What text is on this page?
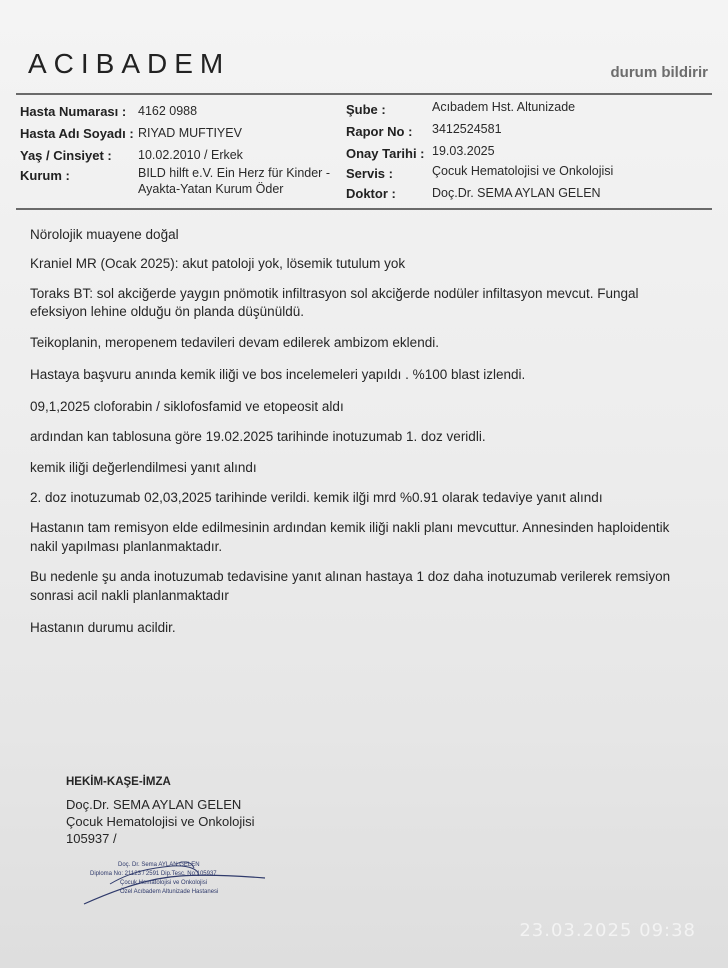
ACIBADEM	durum bildirir
Hasta Numarası : 4162 0988
Hasta Adı Soyadı : RIYAD MUFTIYEV
Yaş / Cinsiyet : 10.02.2010 / Erkek
Kurum :	BILD hilft e.V. Ein Herz für Kinder -
Ayakta-Yatan Kurum Öder
Şube :	Acıbadem Hst. Altunizade
Rapor No : 3412524581
Onay Tarihi : 19.03.2025
Servis :	Çocuk Hematolojisi ve Onkolojisi
Doktor :	Doç.Dr. SEMA AYLAN GELEN
Nörolojik muayene doğal
Kraniel MR (Ocak 2025): akut patoloji yok, lösemik tutulum yok
Toraks BT: sol akciğerde yaygın pnömotik infiltrasyon sol akciğerde nodüler infiltasyon mevcut. Fungal
efeksiyon lehine olduğu ön planda düşünüldü.
Teikoplanin, meropenem tedavileri devam edilerek ambizom eklendi.
Hastaya başvuru anında kemik iliği ve bos incelemeleri yapıldı . %100 blast izlendi.
09,1,2025 cloforabin / siklofosfamid ve etopeosit aldı
ardından kan tablosuna göre 19.02.2025 tarihinde inotuzumab 1. doz veridli.
kemik iliği değerlendilmesi yanıt alındı
2. doz inotuzumab 02,03,2025 tarihinde verildi. kemik ilği mrd %0.91 olarak tedaviye yanıt alındı
Hastanın tam remisyon elde edilmesinin ardından kemik iliği nakli planı mevcuttur. Annesinden haploidentik
nakil yapılması planlanmaktadır.
Bu nedenle şu anda inotuzumab tedavisine yanıt alınan hastaya 1 doz daha inotuzumab verilerek remsiyon
sonrasi acil nakli planlanmaktadır
Hastanın durumu acildir.
HEKİM-KAŞE-İMZA
Doç.Dr. SEMA AYLAN GELEN
Çocuk Hematolojisi ve Onkolojisi
105937 /
Doç. Dr. Sema AYLAN GELEN
Diploma No: 21123 / 2591 Dip.Tesc. No:105937
Çocuk Hematolojisi ve Onkolojisi
Özel Acıbadem Altunizade Hastanesi
23.03.2025 09:38
